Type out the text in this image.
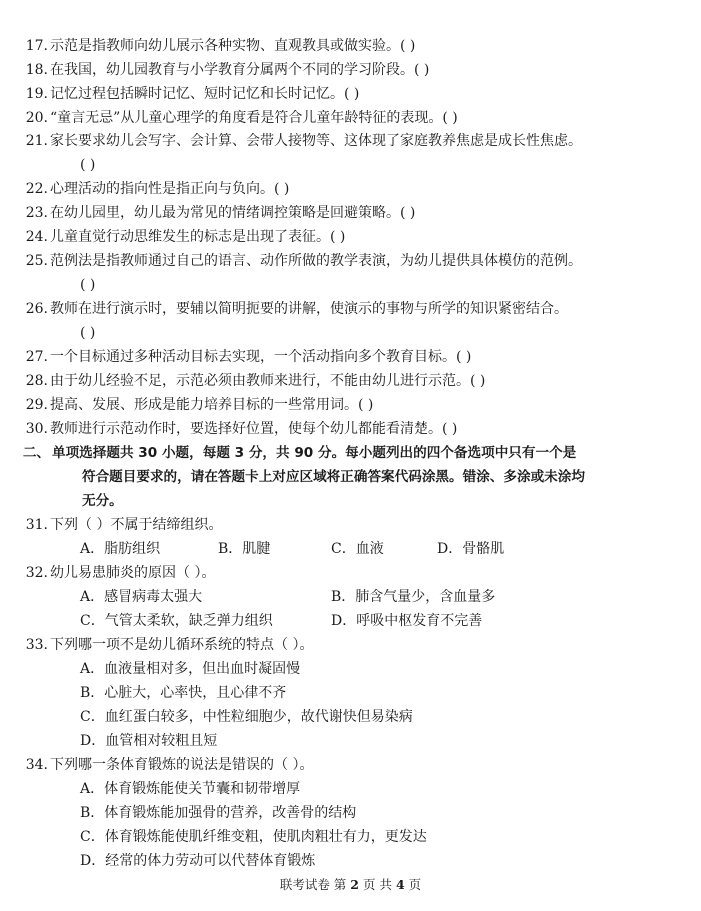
17. 示范是指教师向幼儿展示各种实物、直观教具或做实验。( )
18. 在我国，幼儿园教育与小学教育分属两个不同的学习阶段。( )
19. 记忆过程包括瞬时记忆、短时记忆和长时记忆。( )
20. “童言无忌”从儿童心理学的角度看是符合儿童年龄特征的表现。( )
21. 家长要求幼儿会写字、会计算、会带人接物等、这体现了家庭教养焦虑是成长性焦虑。
( )
22. 心理活动的指向性是指正向与负向。( )
23. 在幼儿园里，幼儿最为常见的情绪调控策略是回避策略。( )
24. 儿童直觉行动思维发生的标志是出现了表征。( )
25. 范例法是指教师通过自己的语言、动作所做的教学表演，为幼儿提供具体模仿的范例。
( )
26. 教师在进行演示时，要辅以简明扼要的讲解，使演示的事物与所学的知识紧密结合。
( )
27. 一个目标通过多种活动目标去实现，一个活动指向多个教育目标。( )
28. 由于幼儿经验不足，示范必须由教师来进行，不能由幼儿进行示范。( )
29. 提高、发展、形成是能力培养目标的一些常用词。( )
30. 教师进行示范动作时，要选择好位置，使每个幼儿都能看清楚。( )
二、 单项选择题共 30 小题，每题 3 分，共 90 分。每小题列出的四个备选项中只有一个是
符合题目要求的，请在答题卡上对应区域将正确答案代码涂黑。错涂、多涂或未涂均
无分。
31. 下列（ ）不属于结缔组织。
A．脂肪组织	B．肌腱	C．血液	D．骨骼肌
32. 幼儿易患肺炎的原因（ ）。
A．感冒病毒太强大	B．肺含气量少，含血量多
C．气管太柔软，缺乏弹力组织	D．呼吸中枢发育不完善
33. 下列哪一项不是幼儿循环系统的特点（ ）。
A．血液量相对多，但出血时凝固慢
B．心脏大，心率快，且心律不齐
C．血红蛋白较多，中性粒细胞少，故代谢快但易染病
D．血管相对较粗且短
34. 下列哪一条体育锻炼的说法是错误的（ ）。
A．体育锻炼能使关节囊和韧带增厚
B．体育锻炼能加强骨的营养，改善骨的结构
C．体育锻炼能使肌纤维变粗，使肌肉粗壮有力，更发达
D．经常的体力劳动可以代替体育锻炼
联考试卷 第 2 页 共 4 页
